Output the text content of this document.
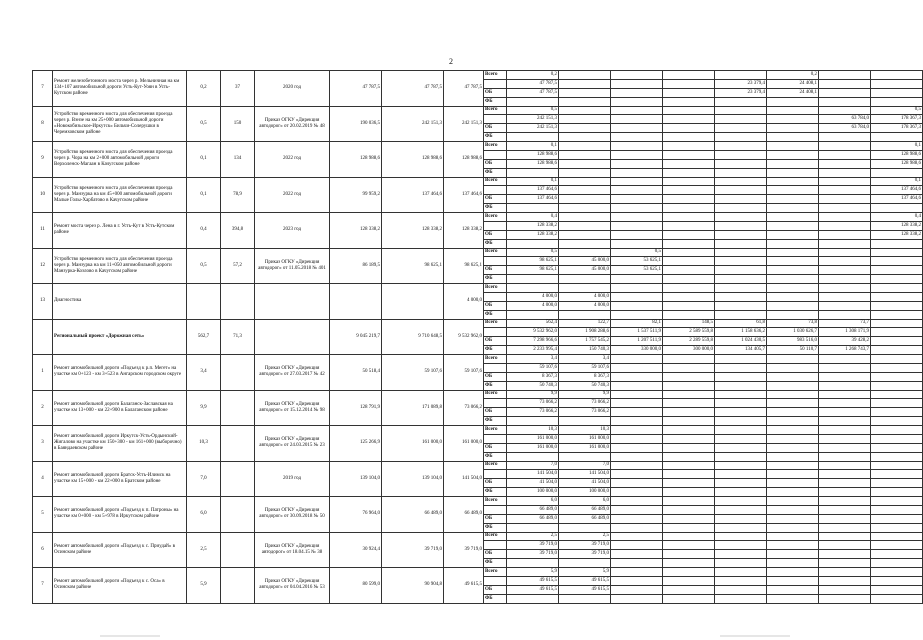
2
7	Ремонт железобетонного моста через р. Мельничная на км 134+107 автомобильной дороги Усть-Кут-Уоян в Усть-Кутском районе	0,2	37	2020 год	47 787,5	47 787,5	47 787,5	Всего	0,2					0,2		
									47 787,5				23 379,4	24 408,1		
								ОБ	47 787,5				23 379,4	24 408,1		
								ФБ								
8	Устройство временного моста для обеспечения проезда через р. Вэнзе на км 25+000 автомобильной дороги «Новокобизьское-Иркутск» Бильчи-Солерушки в Черемховском районе	0,5	150	Приказ ОГКУ «Дирекция автодорог» от 20.02.2019 № 48	190 036,5	242 151,3	242 151,3	Всего	0,5							0,5
									242 151,3						63 784,0	178 367,3
								ОБ	242 151,3						63 784,0	178 367,3
								ФБ								
9	Устройство временного моста для обеспечения проезда через р. Чора на км 2+000 автомобильной дороги Верхоленск-Магаан в Качугском районе	0,1	134	2022 год	128 988,6	128 988,6	128 988,6	Всего	0,1							0,1
									128 988,6							128 988,6
								ОБ	128 988,6							128 988,6
								ФБ								
10	Устройство временного моста для обеспечения проезда через р. Манзурка на км 45+000 автомобильной дороги Малые Голы-Харбатово в Качугском районе	0,1	78,9	2022 год	99 959,2	137 464,6	137 464,6	Всего	0,1							0,1
									137 464,6							137 464,6
								ОБ	137 464,6							137 464,6
								ФБ								
11	Ремонт моста через р. Лена в г. Усть-Кут в Усть-Кутском районе	0,4	394,8	2023 год	128 338,2	128 338,2	128 338,2	Всего	0,4							0,4
									128 338,2							128 338,2
								ОБ	128 338,2							128 338,2
								ФБ								
12	Устройство временного моста для обеспечения проезда через р. Манзурка на км 11+050 автомобильной дороги Манзурка-Козлово в Качугском районе	0,5	57,2	Приказ ОГКУ «Дирекция автодорог» от 11.05.2018 № 401	86 189,5	98 625,1	98 625,1	Всего	0,5		0,5					
									98 625,1	45 000,0	53 625,1					
								ОБ	98 625,1	45 000,0	53 625,1					
								ФБ								
13	Диагностика						4 000,0	Всего								
									4 000,0	4 000,0						
								ОБ	4 000,0	4 000,0						
								ФБ								
	Региональный проект «Дорожная сеть»	562,7	71,3		9 045 219,7	9 710 648,5	9 532 962,0	Всего	562,4	122,7	82,1	148,5	61,8	73,8	73,7	
									9 532 962,0	1 908 288,6	1 537 511,9	2 589 559,8	1 158 636,2	1 030 626,7	1 308 171,9	
								ОБ	7 298 966,6	1 757 545,2	1 207 511,9	2 289 559,8	1 024 430,5	983 516,0	39 428,2	
								ФБ	2 233 995,4	150 740,3	330 000,0	300 000,0	134 405,7	50 110,7	1 268 743,7	
1	Ремонт автомобильной дороги «Подъезд к р.п. Мегет» на участке км 0+123 - км 3+523 в Ангарском городском округе	3,4		Приказ ОГКУ «Дирекция автодорог» от 27.03.2017 № 42	50 518,4	59 107,6	59 107,6	Всего	3,4	3,4						
									59 107,6	59 107,6						
								ОБ	8 367,3	8 367,3						
								ФБ	50 740,3	50 740,3						
2	Ремонт автомобильной дороги Балаганск-Заславская на участке км 13+000 - км 22+900 в Балаганском районе	9,9		Приказ ОГКУ «Дирекция автодорог» от 15.12.2014 № 98	128 791,9	171 089,8	73 066,2	Всего	9,9	9,9						
									73 066,2	73 066,2						
								ОБ	73 066,2	73 066,2						
								ФБ								
3	Ремонт автомобильной дороги Иркутск-Усть-Ордынский-Жигалово на участке км 150+300 - км 161+000 (выборочно) в Баяндаевском районе	10,3		Приказ ОГКУ «Дирекция автодорог» от 24.03.2015 № 23	125 266,9	161 000,0	161 000,0	Всего	10,3	10,3						
									161 000,0	161 000,0						
								ОБ	161 000,0	161 000,0						
								ФБ								
4	Ремонт автомобильной дороги Братск-Усть-Илимск на участке км 15+000 - км 22+000 в Братском районе	7,0		2019 год	139 104,0	139 104,0	141 504,0	Всего	7,0	7,0						
									141 504,0	141 504,0						
								ОБ	41 504,0	41 504,0						
								ФБ	100 000,0	100 000,0						
5	Ремонт автомобильной дороги «Подъезд к п. Патроны» на участке км 0+000 - км 5+978 в Иркутском районе	6,0		Приказ ОГКУ «Дирекция автодорог» от 30.09.2018 № 50	76 964,0	66 489,0	66 489,0	Всего	6,0	6,0						
									66 489,0	66 489,0						
								ОБ	66 489,0	66 489,0						
								ФБ								
6	Ремонт автомобильной дороги «Подъезд к с. Приудай» в Осинском районе	2,5		Приказ ОГКУ «Дирекция автодорог» от 18.04.15 № 38	30 924,4	39 719,0	39 719,0	Всего	2,5	2,5						
									39 719,0	39 719,0						
								ОБ	39 719,0	39 719,0						
								ФБ								
7	Ремонт автомобильной дороги «Подъезд к с. Оса» в Осинском районе	5,9		Приказ ОГКУ «Дирекция автодорог» от 04.04.2016 № 53	80 599,0	90 904,8	49 615,5	Всего	5,9	5,9						
									49 615,5	49 615,5						
								ОБ	49 615,5	49 615,5						
								ФБ								
